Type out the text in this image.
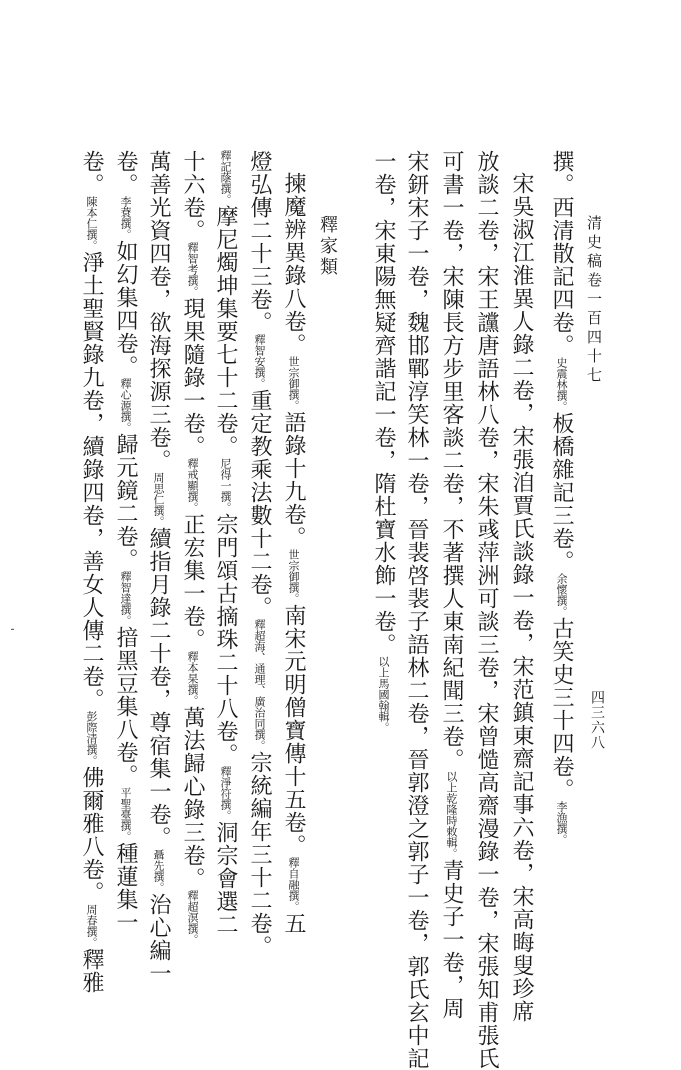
清史稿卷一百四十七
四三六八
撰。西清散記四卷。史震林撰。板橋雜記三卷。余懷撰。古笑史三十四卷。李漁撰。
宋吳淑江淮異人錄二卷，宋張洎賈氏談錄一卷，宋范鎮東齋記事六卷，宋高晦叟珍席
放談二卷，宋王讜唐語林八卷，宋朱彧萍洲可談三卷，宋曾慥高齋漫錄一卷，宋張知甫張氏
可書一卷，宋陳長方步里客談二卷，不著撰人東南紀聞三卷。以上乾隆時敕輯。青史子一卷，周
宋鈃宋子一卷，魏邯鄲淳笑林一卷，晉裴啓裴子語林二卷，晉郭澄之郭子一卷，郭氏玄中記
一卷，宋東陽無疑齊諧記一卷，隋杜寶水飾一卷。以上馬國翰輯。
釋家類
揀魔辨異錄八卷。世宗御撰。語錄十九卷。世宗御撰。南宋元明僧寶傳十五卷。釋自融撰。五
燈弘傳二十三卷。釋智安撰。重定教乘法數十二卷。釋超海、通理、廣治同撰。宗統編年三十二卷。
釋記蔭撰。摩尼燭坤集要七十二卷。尼得一撰。宗門頌古摘珠二十八卷。釋淨符撰。洞宗會選二
十六卷。釋智考撰。現果隨錄一卷。釋戒顯撰。正宏集一卷。釋本杲撰。萬法歸心錄三卷。釋超溟撰。
萬善光資四卷，欲海探源三卷。周思仁撰。續指月錄二十卷，尊宿集一卷。聶先撰。治心編一
卷。李蔉撰。如幻集四卷。釋心源撰。歸元鏡二卷。釋智達撰。揞黑豆集八卷。平聖臺撰。種蓮集一
卷。陳本仁撰。淨土聖賢錄九卷，續錄四卷，善女人傳二卷。彭際清撰。佛爾雅八卷。周春撰。釋雅
⁃
